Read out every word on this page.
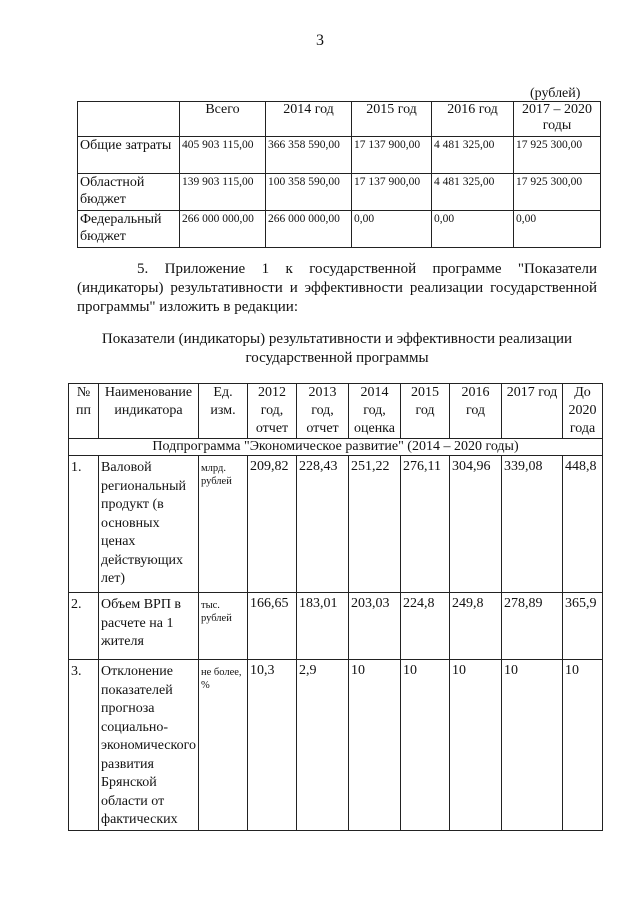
3
(рублей)
	Всего	2014 год	2015 год	2016 год	2017 – 2020 годы
Общие затраты	405 903 115,00	366 358 590,00	17 137 900,00	4 481 325,00	17 925 300,00
Областной бюджет	139 903 115,00	100 358 590,00	17 137 900,00	4 481 325,00	17 925 300,00
Федеральный бюджет	266 000 000,00	266 000 000,00	0,00	0,00	0,00
5. Приложение 1 к государственной программе "Показатели (индикаторы) результативности и эффективности реализации государственной программы" изложить в редакции:
Показатели (индикаторы) результативности и эффективности реализации государственной программы
№ пп	Наименование индикатора	Ед. изм.	2012 год, отчет	2013 год, отчет	2014 год, оценка	2015 год	2016 год	2017 год	До 2020 года
Подпрограмма "Экономическое развитие" (2014 – 2020 годы)									
1.	Валовой региональный продукт (в основных ценах действующих лет)	млрд. рублей	209,82	228,43	251,22	276,11	304,96	339,08	448,8
2.	Объем ВРП в расчете на 1 жителя	тыс. рублей	166,65	183,01	203,03	224,8	249,8	278,89	365,9
3.	Отклонение показателей прогноза социально-экономического развития Брянской области от фактических	не более, %	10,3	2,9	10	10	10	10	10
